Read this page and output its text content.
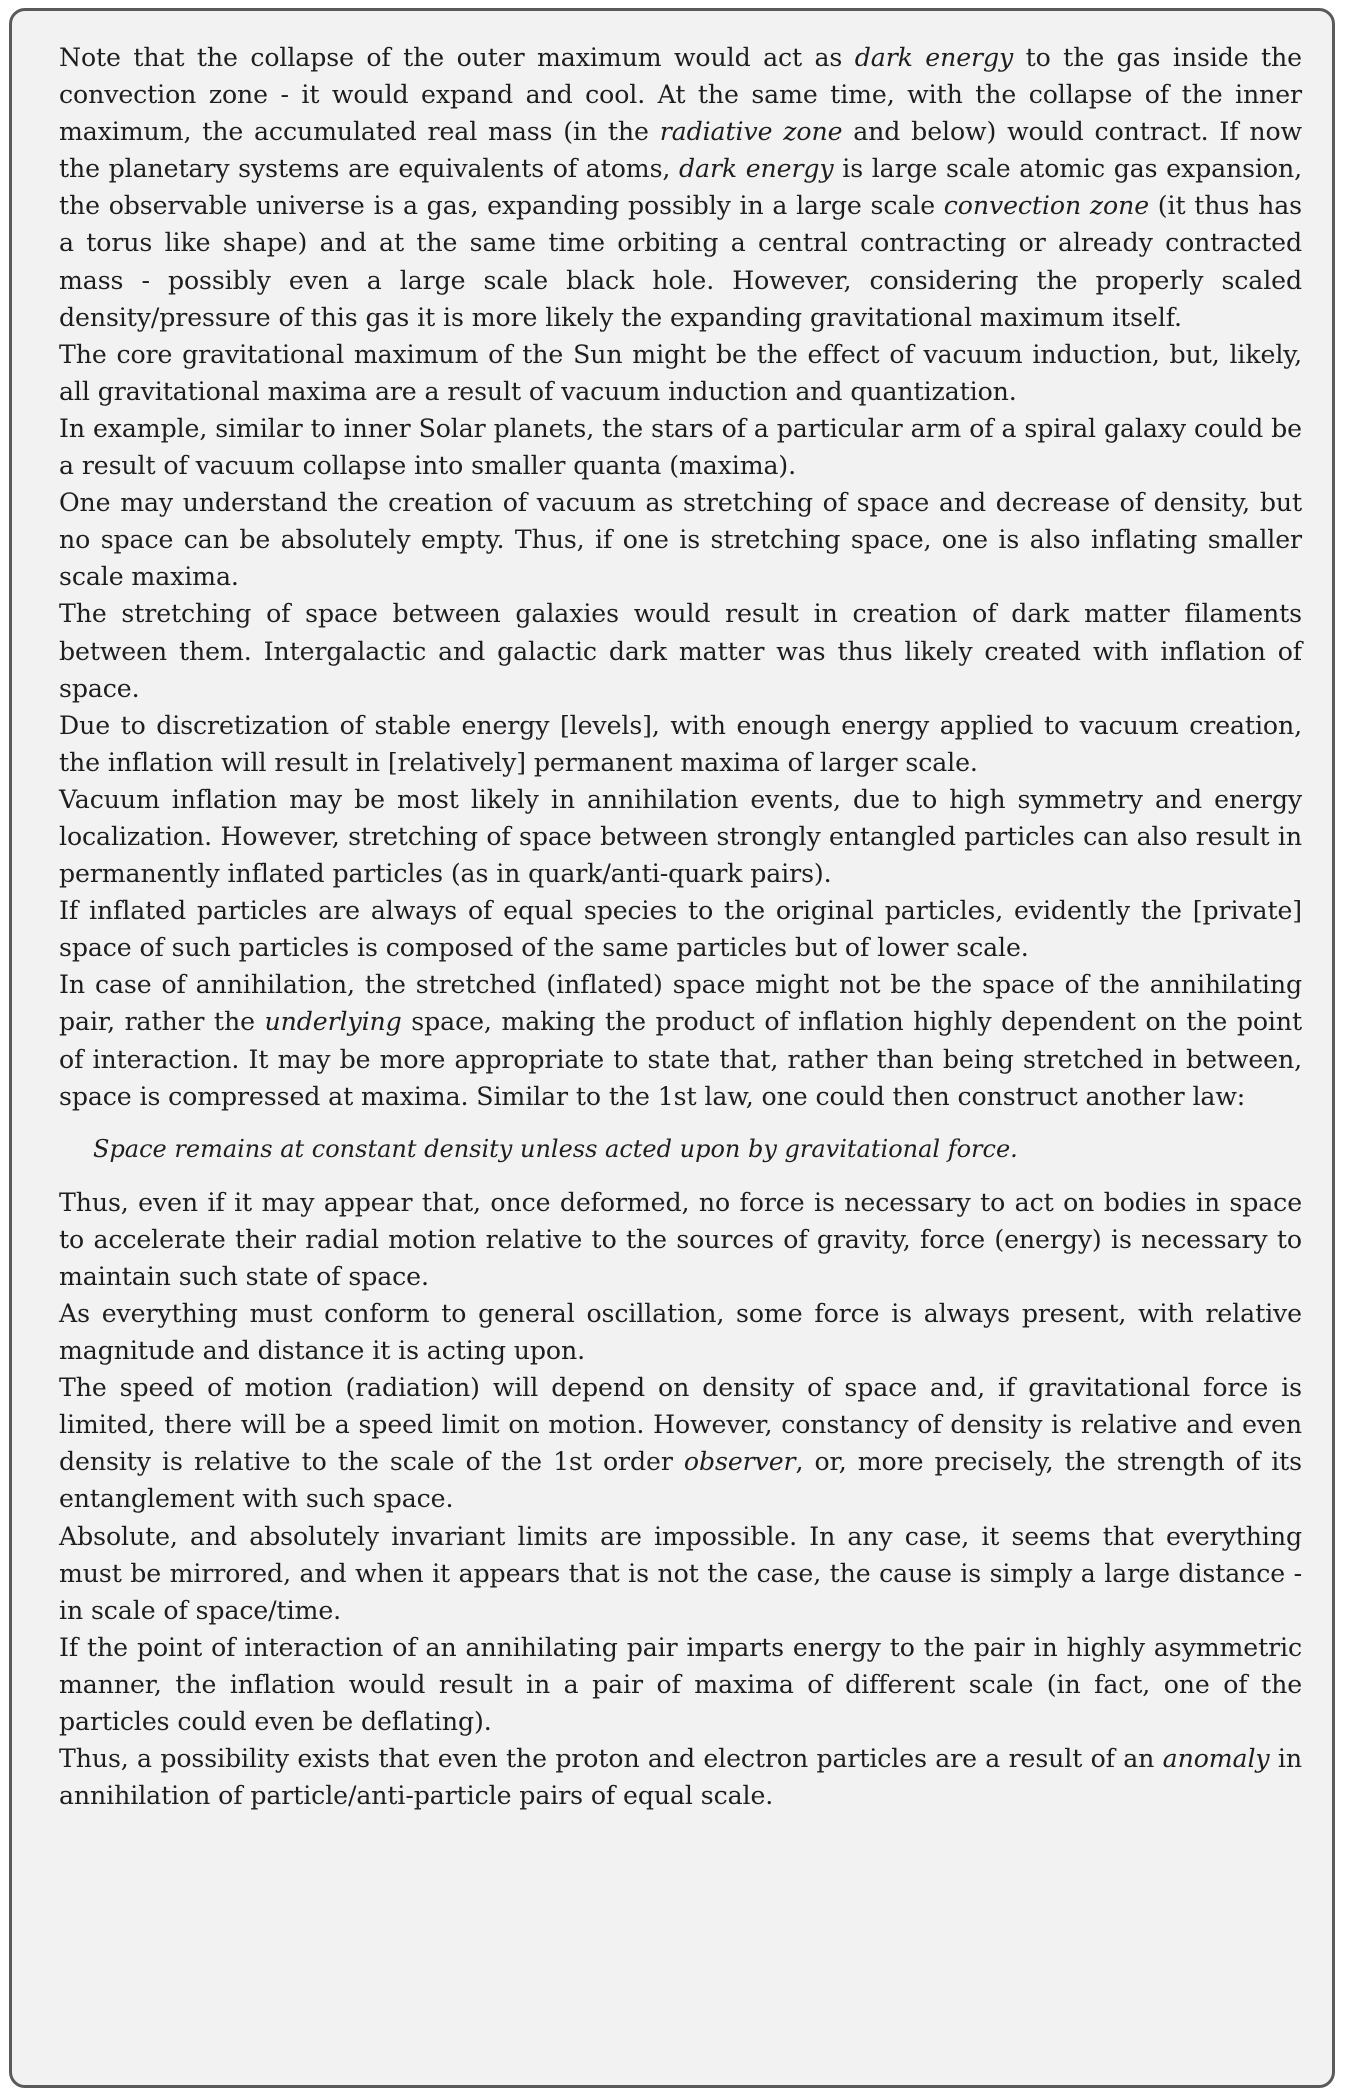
Note that the collapse of the outer maximum would act as dark energy to the gas inside the convection zone - it would expand and cool. At the same time, with the collapse of the inner maximum, the accumulated real mass (in the radiative zone and below) would contract. If now the planetary systems are equivalents of atoms, dark energy is large scale atomic gas expansion, the observable universe is a gas, expanding possibly in a large scale convection zone (it thus has a torus like shape) and at the same time orbiting a central contracting or already contracted mass - possibly even a large scale black hole. However, considering the properly scaled density/pressure of this gas it is more likely the expanding gravitational maximum itself.

The core gravitational maximum of the Sun might be the effect of vacuum induction, but, likely, all gravitational maxima are a result of vacuum induction and quantization.

In example, similar to inner Solar planets, the stars of a particular arm of a spiral galaxy could be a result of vacuum collapse into smaller quanta (maxima).

One may understand the creation of vacuum as stretching of space and decrease of density, but no space can be absolutely empty. Thus, if one is stretching space, one is also inflating smaller scale maxima.

The stretching of space between galaxies would result in creation of dark matter filaments between them. Intergalactic and galactic dark matter was thus likely created with inflation of space.

Due to discretization of stable energy [levels], with enough energy applied to vacuum creation, the inflation will result in [relatively] permanent maxima of larger scale.

Vacuum inflation may be most likely in annihilation events, due to high symmetry and energy localization. However, stretching of space between strongly entangled particles can also result in permanently inflated particles (as in quark/anti-quark pairs).

If inflated particles are always of equal species to the original particles, evidently the [private] space of such particles is composed of the same particles but of lower scale.

In case of annihilation, the stretched (inflated) space might not be the space of the annihilating pair, rather the underlying space, making the product of inflation highly dependent on the point of interaction. It may be more appropriate to state that, rather than being stretched in between, space is compressed at maxima. Similar to the 1st law, one could then construct another law:

Space remains at constant density unless acted upon by gravitational force.

Thus, even if it may appear that, once deformed, no force is necessary to act on bodies in space to accelerate their radial motion relative to the sources of gravity, force (energy) is necessary to maintain such state of space.

As everything must conform to general oscillation, some force is always present, with relative magnitude and distance it is acting upon.

The speed of motion (radiation) will depend on density of space and, if gravitational force is limited, there will be a speed limit on motion. However, constancy of density is relative and even density is relative to the scale of the 1st order observer, or, more precisely, the strength of its entanglement with such space.

Absolute, and absolutely invariant limits are impossible. In any case, it seems that everything must be mirrored, and when it appears that is not the case, the cause is simply a large distance - in scale of space/time.

If the point of interaction of an annihilating pair imparts energy to the pair in highly asymmetric manner, the inflation would result in a pair of maxima of different scale (in fact, one of the particles could even be deflating).

Thus, a possibility exists that even the proton and electron particles are a result of an anomaly in annihilation of particle/anti-particle pairs of equal scale.
